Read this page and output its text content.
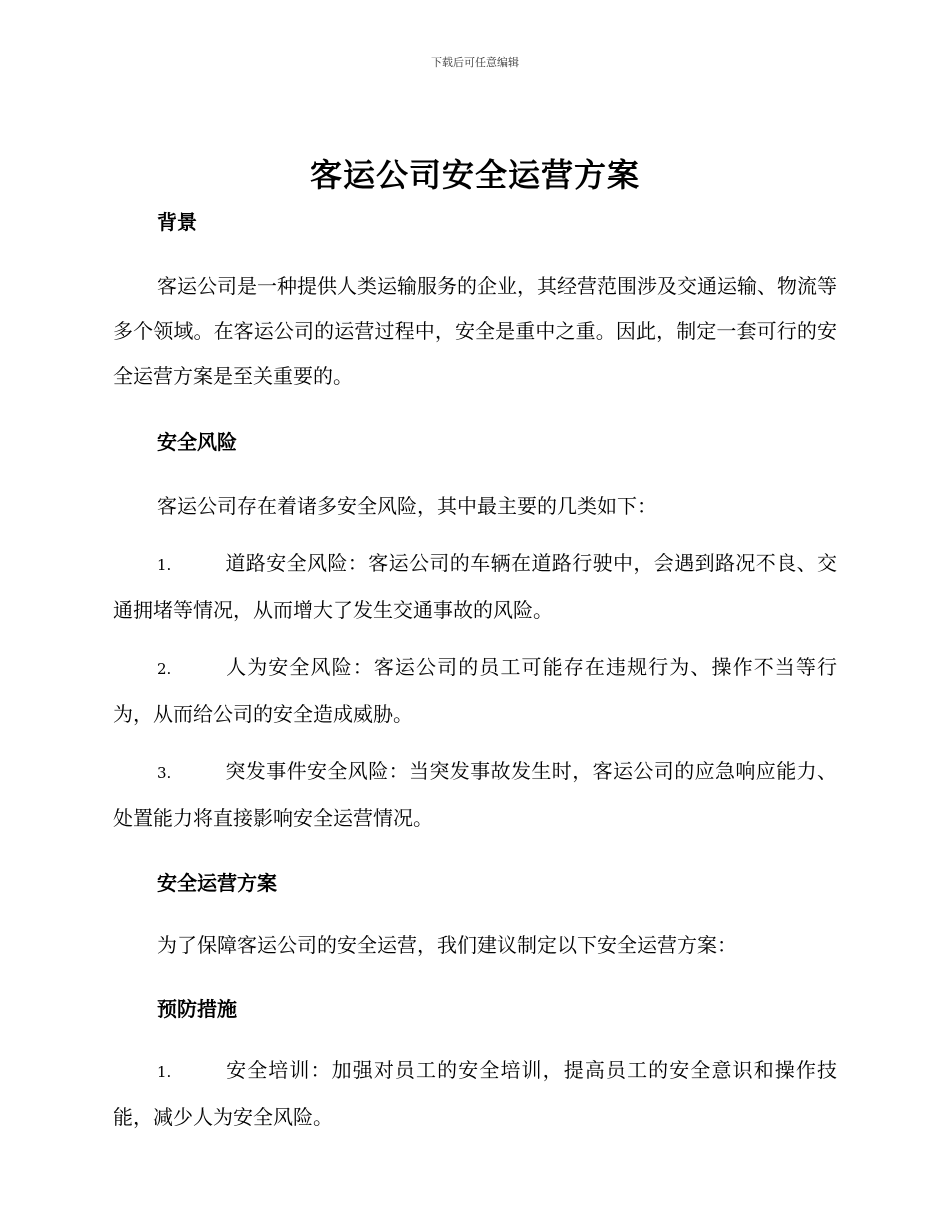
下载后可任意编辑
客运公司安全运营方案
背景

客运公司是一种提供人类运输服务的企业，其经营范围涉及交通运输、物流等多个领域。在客运公司的运营过程中，安全是重中之重。因此，制定一套可行的安全运营方案是至关重要的。

安全风险

客运公司存在着诸多安全风险，其中最主要的几类如下：

1.	道路安全风险：客运公司的车辆在道路行驶中，会遇到路况不良、交通拥堵等情况，从而增大了发生交通事故的风险。

2.	人为安全风险：客运公司的员工可能存在违规行为、操作不当等行为，从而给公司的安全造成威胁。

3.	突发事件安全风险：当突发事故发生时，客运公司的应急响应能力、处置能力将直接影响安全运营情况。

安全运营方案

为了保障客运公司的安全运营，我们建议制定以下安全运营方案：

预防措施

1.	安全培训：加强对员工的安全培训，提高员工的安全意识和操作技能，减少人为安全风险。
